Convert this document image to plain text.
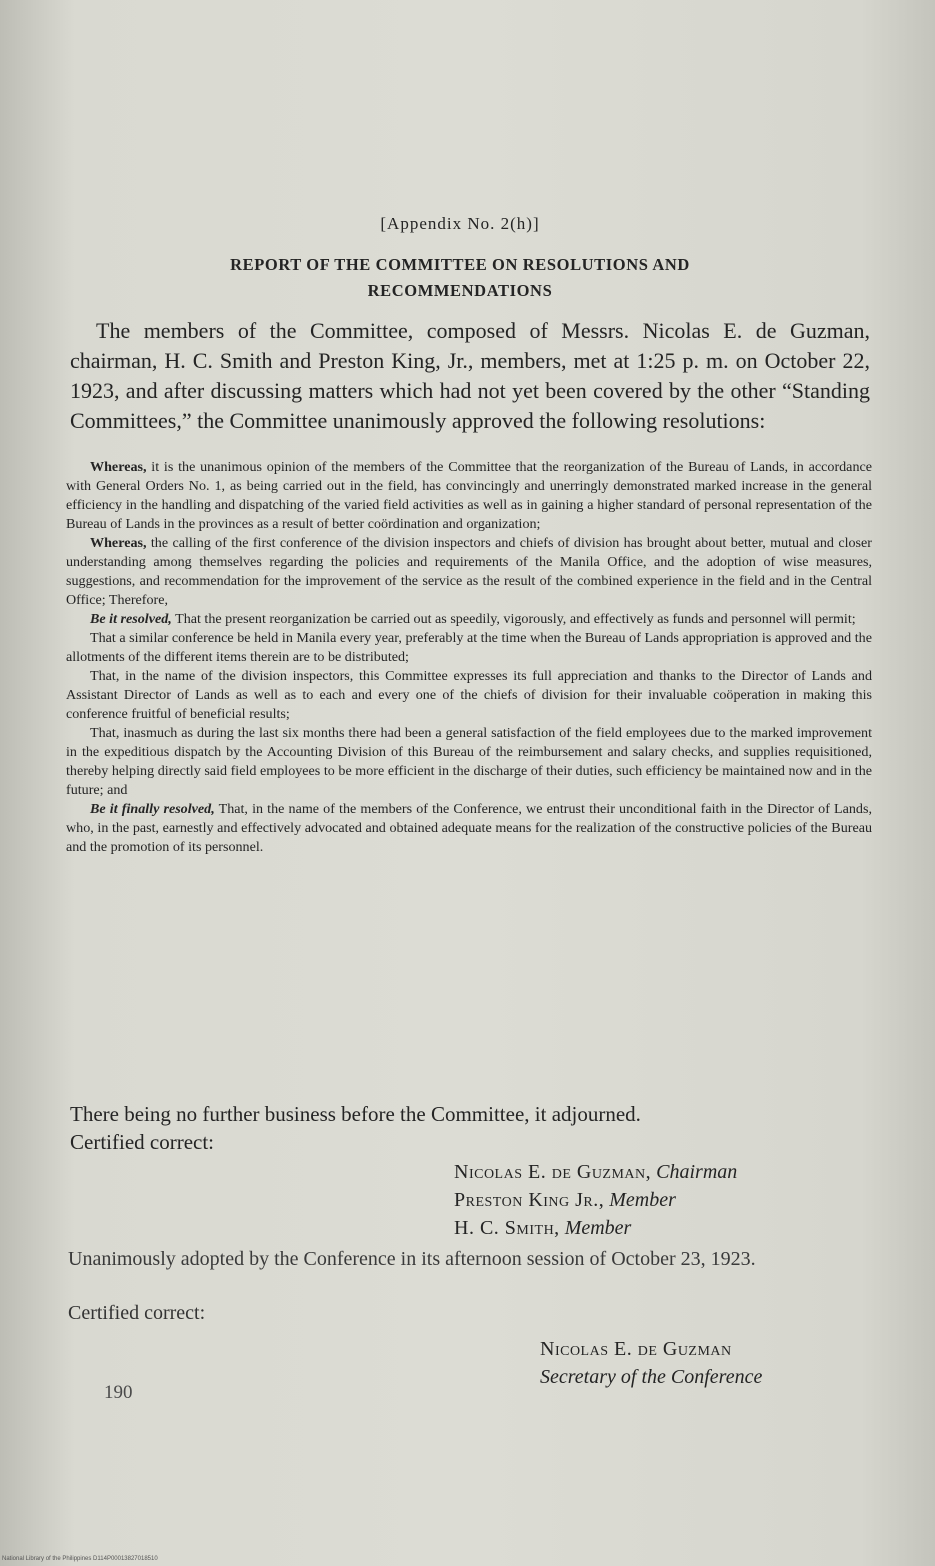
[Appendix No. 2(h)]
REPORT OF THE COMMITTEE ON RESOLUTIONS AND
RECOMMENDATIONS

The members of the Committee, composed of Messrs. Nicolas E. de Guzman, chairman, H. C. Smith and Preston King, Jr., members, met at 1:25 p. m. on October 22, 1923, and after discussing matters which had not yet been covered by the other “Standing Committees,” the Committee unanimously approved the following resolutions:

Whereas, it is the unanimous opinion of the members of the Committee that the reorganization of the Bureau of Lands, in accordance with General Orders No. 1, as being carried out in the field, has convincingly and unerringly demonstrated marked increase in the general efficiency in the handling and dispatching of the varied field activities as well as in gaining a higher standard of personal representation of the Bureau of Lands in the provinces as a result of better coördination and organization;

Whereas, the calling of the first conference of the division inspectors and chiefs of division has brought about better, mutual and closer understanding among themselves regarding the policies and requirements of the Manila Office, and the adoption of wise measures, suggestions, and recommendation for the improvement of the service as the result of the combined experience in the field and in the Central Office; Therefore,

Be it resolved, That the present reorganization be carried out as speedily, vigorously, and effectively as funds and personnel will permit;

That a similar conference be held in Manila every year, preferably at the time when the Bureau of Lands appropriation is approved and the allotments of the different items therein are to be distributed;

That, in the name of the division inspectors, this Committee expresses its full appreciation and thanks to the Director of Lands and Assistant Director of Lands as well as to each and every one of the chiefs of division for their invaluable coöperation in making this conference fruitful of beneficial results;

That, inasmuch as during the last six months there had been a general satisfaction of the field employees due to the marked improvement in the expeditious dispatch by the Accounting Division of this Bureau of the reimbursement and salary checks, and supplies requisitioned, thereby helping directly said field employees to be more efficient in the discharge of their duties, such efficiency be maintained now and in the future; and

Be it finally resolved, That, in the name of the members of the Conference, we entrust their unconditional faith in the Director of Lands, who, in the past, earnestly and effectively advocated and obtained adequate means for the realization of the constructive policies of the Bureau and the promotion of its personnel.

There being no further business before the Committee, it adjourned.
Certified correct:
Nicolas E. de Guzman, Chairman
Preston King Jr., Member
H. C. Smith, Member
Unanimously adopted by the Conference in its afternoon session of October 23, 1923.
Certified correct:
Nicolas E. de Guzman
Secretary of the Conference
190
National Library of the Philippines D114P00013827018510
